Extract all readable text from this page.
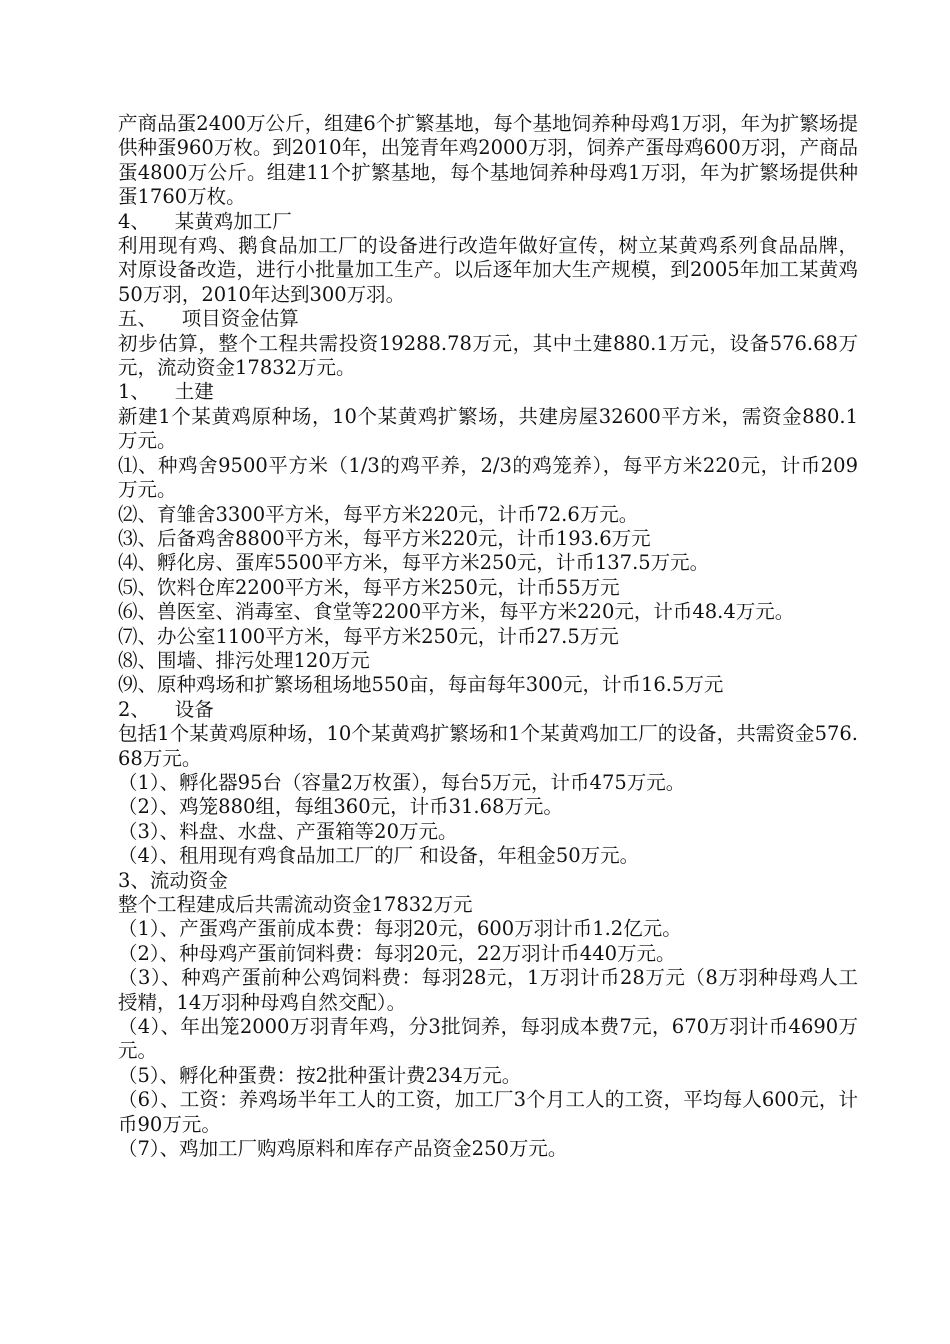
产商品蛋2400万公斤，组建6个扩繁基地，每个基地饲养种母鸡1万羽，年为扩繁场提供种蛋960万枚。到2010年，出笼青年鸡2000万羽，饲养产蛋母鸡600万羽，产商品蛋4800万公斤。组建11个扩繁基地，每个基地饲养种母鸡1万羽，年为扩繁场提供种蛋1760万枚。

4、    某黄鸡加工厂

利用现有鸡、鹅食品加工厂的设备进行改造年做好宣传，树立某黄鸡系列食品品牌，对原设备改造，进行小批量加工生产。以后逐年加大生产规模，到2005年加工某黄鸡50万羽，2010年达到300万羽。

五、    项目资金估算

初步估算，整个工程共需投资19288.78万元，其中土建880.1万元，设备576.68万元，流动资金17832万元。

1、    土建

新建1个某黄鸡原种场，10个某黄鸡扩繁场，共建房屋32600平方米，需资金880.1万元。

⑴、种鸡舍9500平方米（1/3的鸡平养，2/3的鸡笼养），每平方米220元，计币209万元。

⑵、育雏舍3300平方米，每平方米220元，计币72.6万元。

⑶、后备鸡舍8800平方米，每平方米220元，计币193.6万元

⑷、孵化房、蛋库5500平方米，每平方米250元，计币137.5万元。

⑸、饮料仓库2200平方米，每平方米250元，计币55万元

⑹、兽医室、消毒室、食堂等2200平方米，每平方米220元，计币48.4万元。

⑺、办公室1100平方米，每平方米250元，计币27.5万元

⑻、围墙、排污处理120万元

⑼、原种鸡场和扩繁场租场地550亩，每亩每年300元，计币16.5万元

2、    设备

包括1个某黄鸡原种场，10个某黄鸡扩繁场和1个某黄鸡加工厂的设备，共需资金576.68万元。

（1）、孵化器95台（容量2万枚蛋），每台5万元，计币475万元。

（2）、鸡笼880组，每组360元，计币31.68万元。

（3）、料盘、水盘、产蛋箱等20万元。

（4）、租用现有鸡食品加工厂的厂 和设备，年租金50万元。

3、流动资金

整个工程建成后共需流动资金17832万元

（1）、产蛋鸡产蛋前成本费：每羽20元，600万羽计币1.2亿元。

（2）、种母鸡产蛋前饲料费：每羽20元，22万羽计币440万元。

（3）、种鸡产蛋前种公鸡饲料费：每羽28元，1万羽计币28万元（8万羽种母鸡人工授精，14万羽种母鸡自然交配）。

（4）、年出笼2000万羽青年鸡，分3批饲养，每羽成本费7元，670万羽计币4690万元。

（5）、孵化种蛋费：按2批种蛋计费234万元。

（6）、工资：养鸡场半年工人的工资，加工厂3个月工人的工资，平均每人600元，计币90万元。

（7）、鸡加工厂购鸡原料和库存产品资金250万元。
